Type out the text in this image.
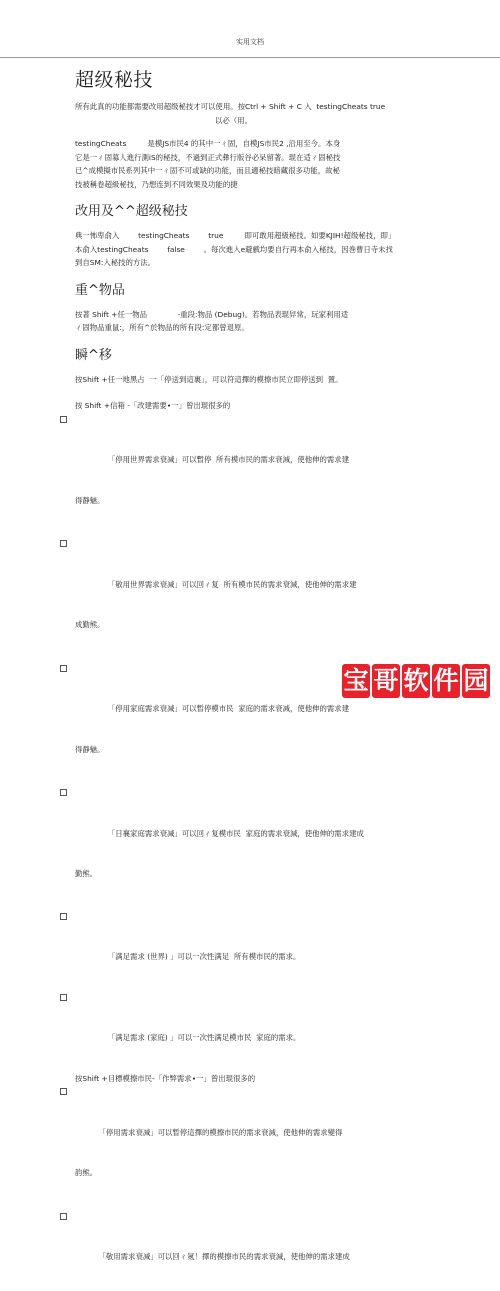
实用文档
超级秘技

所有此真的功能都需要改用超级秘技才可以使用。按Ctrl + Shift + C 入  testingCheats true

以必（用。

testingCheats         是模JS市民4 的其中一ㄔ固，自模JS市民2 ,沿用至今。本身

它是一ㄔ固募人進行測iS的秘技，不過到正式彝行版谷必呆留著。琨在适ㄔ固秘技

已^成模擬市民系列其中一ㄔ固不可或缺的功能，而且適秘技暗藏很多功能，故秘

技被稱卷超級秘技，乃想连到不同效果及功能的捷

改用及^^超级秘技

典一怖卑俞入        testingCheats        true         即可敢用超級秘技。如要KJIH!超级秘技，即」

本俞入testingCheats        false        。每次進入e避戲均要自行再本俞入秘技，因巻曹日寺未找

到自SM:入秘技的方法。

重^物品

按著 Shift +任一物品             -重段:物品 (Debug)。若物品表琨舁常，玩家利用适

ㄔ固物品重鼠:，所有^於物品的所有段:定都曾退原。

瞬^移

按Shift +任一地黑占  一「停送到這裏」，可以符這擇的模擦市民立即停送到  置。

按 Shift +信箱 -「改建需要•一」曾出琨很多的

「停用世界需求衰减」可以暫停  所有模市民的需求衰減，使他伸的需求建

得静魅。

「敬用世界需求衰减」可以回ㄔ复  所有模市民的需求衰減，使他伸的需求建

成勤熊。

「停用家庭需求衰减」可以暂停模市民  家庭的需求衰减，使他伸的需求建

得静魅。

「日襄家庭需求衰减」可以回ㄔ复模市民  家庭的需求衰減，使他伸的需求建成

勤熊。

「满足需求 (世界) 」可以一次性满足  所有模市民的需求。

「满足需求 (家庭) 」可以一次性满足模市民  家庭的需求。

按Shift +目標模擦市民-「作弊需求•一」曾出琨很多的

「停用需求衰减」可以暂停這擇的模擦市民的需求衰減，使他伸的需求變得

韵熊。

「敬用需求衰减」可以回ㄔ氪！擇的模擦市民的需求衰減，使他伸的需求建成

宝 哥 软 件 园
